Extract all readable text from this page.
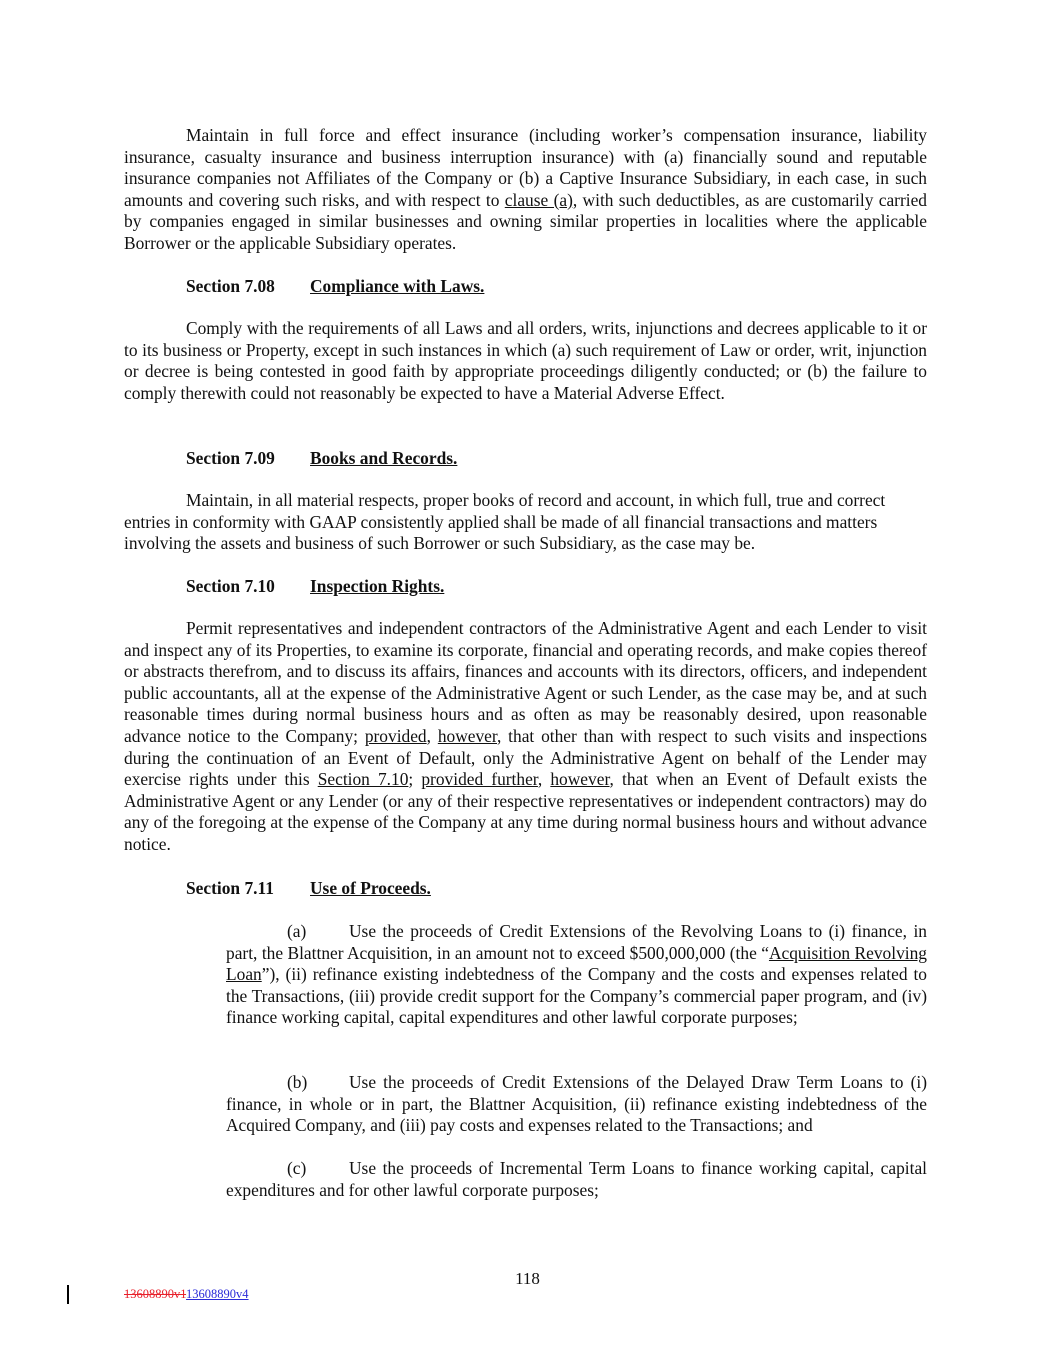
Maintain in full force and effect insurance (including worker’s compensation insurance, liability insurance, casualty insurance and business interruption insurance) with (a) financially sound and reputable insurance companies not Affiliates of the Company or (b) a Captive Insurance Subsidiary, in each case, in such amounts and covering such risks, and with respect to clause (a), with such deductibles, as are customarily carried by companies engaged in similar businesses and owning similar properties in localities where the applicable Borrower or the applicable Subsidiary operates.

Section 7.08 Compliance with Laws.

Comply with the requirements of all Laws and all orders, writs, injunctions and decrees applicable to it or to its business or Property, except in such instances in which (a) such requirement of Law or order, writ, injunction or decree is being contested in good faith by appropriate proceedings diligently conducted; or (b) the failure to comply therewith could not reasonably be expected to have a Material Adverse Effect.

Section 7.09 Books and Records.

Maintain, in all material respects, proper books of record and account, in which full, true and correct entries in conformity with GAAP consistently applied shall be made of all financial transactions and matters involving the assets and business of such Borrower or such Subsidiary, as the case may be.

Section 7.10 Inspection Rights.

Permit representatives and independent contractors of the Administrative Agent and each Lender to visit and inspect any of its Properties, to examine its corporate, financial and operating records, and make copies thereof or abstracts therefrom, and to discuss its affairs, finances and accounts with its directors, officers, and independent public accountants, all at the expense of the Administrative Agent or such Lender, as the case may be, and at such reasonable times during normal business hours and as often as may be reasonably desired, upon reasonable advance notice to the Company; provided, however, that other than with respect to such visits and inspections during the continuation of an Event of Default, only the Administrative Agent on behalf of the Lender may exercise rights under this Section 7.10; provided further, however, that when an Event of Default exists the Administrative Agent or any Lender (or any of their respective representatives or independent contractors) may do any of the foregoing at the expense of the Company at any time during normal business hours and without advance notice.

Section 7.11 Use of Proceeds.

(a) Use the proceeds of Credit Extensions of the Revolving Loans to (i) finance, in part, the Blattner Acquisition, in an amount not to exceed $500,000,000 (the “Acquisition Revolving Loan”), (ii) refinance existing indebtedness of the Company and the costs and expenses related to the Transactions, (iii) provide credit support for the Company’s commercial paper program, and (iv) finance working capital, capital expenditures and other lawful corporate purposes;

(b) Use the proceeds of Credit Extensions of the Delayed Draw Term Loans to (i) finance, in whole or in part, the Blattner Acquisition, (ii) refinance existing indebtedness of the Acquired Company, and (iii) pay costs and expenses related to the Transactions; and

(c) Use the proceeds of Incremental Term Loans to finance working capital, capital expenditures and for other lawful corporate purposes;

118
13608890v113608890v4
